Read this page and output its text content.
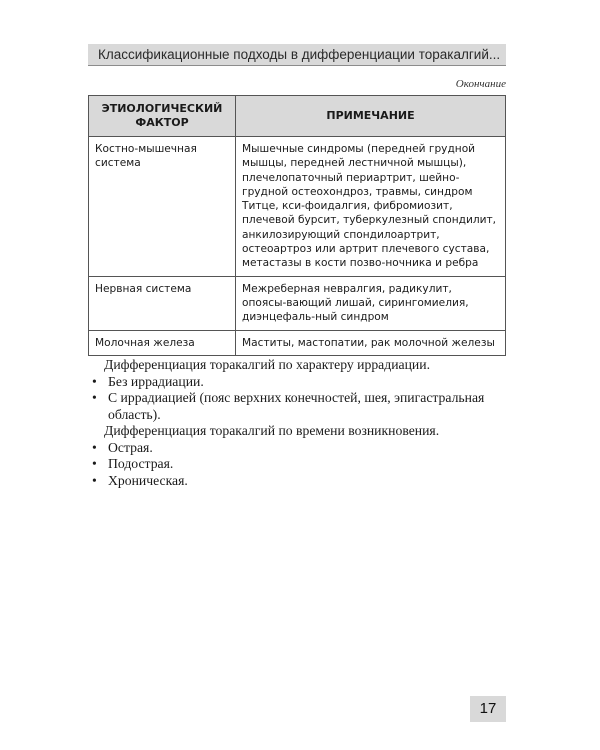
Классификационные подходы в дифференциации торакалгий...
Окончание
ЭТИОЛОГИЧЕСКИЙ ФАКТОР	ПРИМЕЧАНИЕ
Костно-мышечная система	Мышечные синдромы (передней грудной мышцы, передней лестничной мышцы), плечелопаточный периартрит, шейно-грудной остеохондроз, травмы, синдром Титце, кси-фоидалгия, фибромиозит, плечевой бурсит, туберкулезный спондилит, анкилозирующий спондилоартрит, остеоартроз или артрит плечевого сустава, метастазы в кости позво-ночника и ребра
Нервная система	Межреберная невралгия, радикулит, опоясы-вающий лишай, сирингомиелия, диэнцефаль-ный синдром
Молочная железа	Маститы, мастопатии, рак молочной железы

Дифференциация торакалгий по характеру иррадиации.

• Без иррадиации.
• С иррадиацией (пояс верхних конечностей, шея, эпигастральная область).

Дифференциация торакалгий по времени возникновения.

• Острая.
• Подострая.
• Хроническая.
17
